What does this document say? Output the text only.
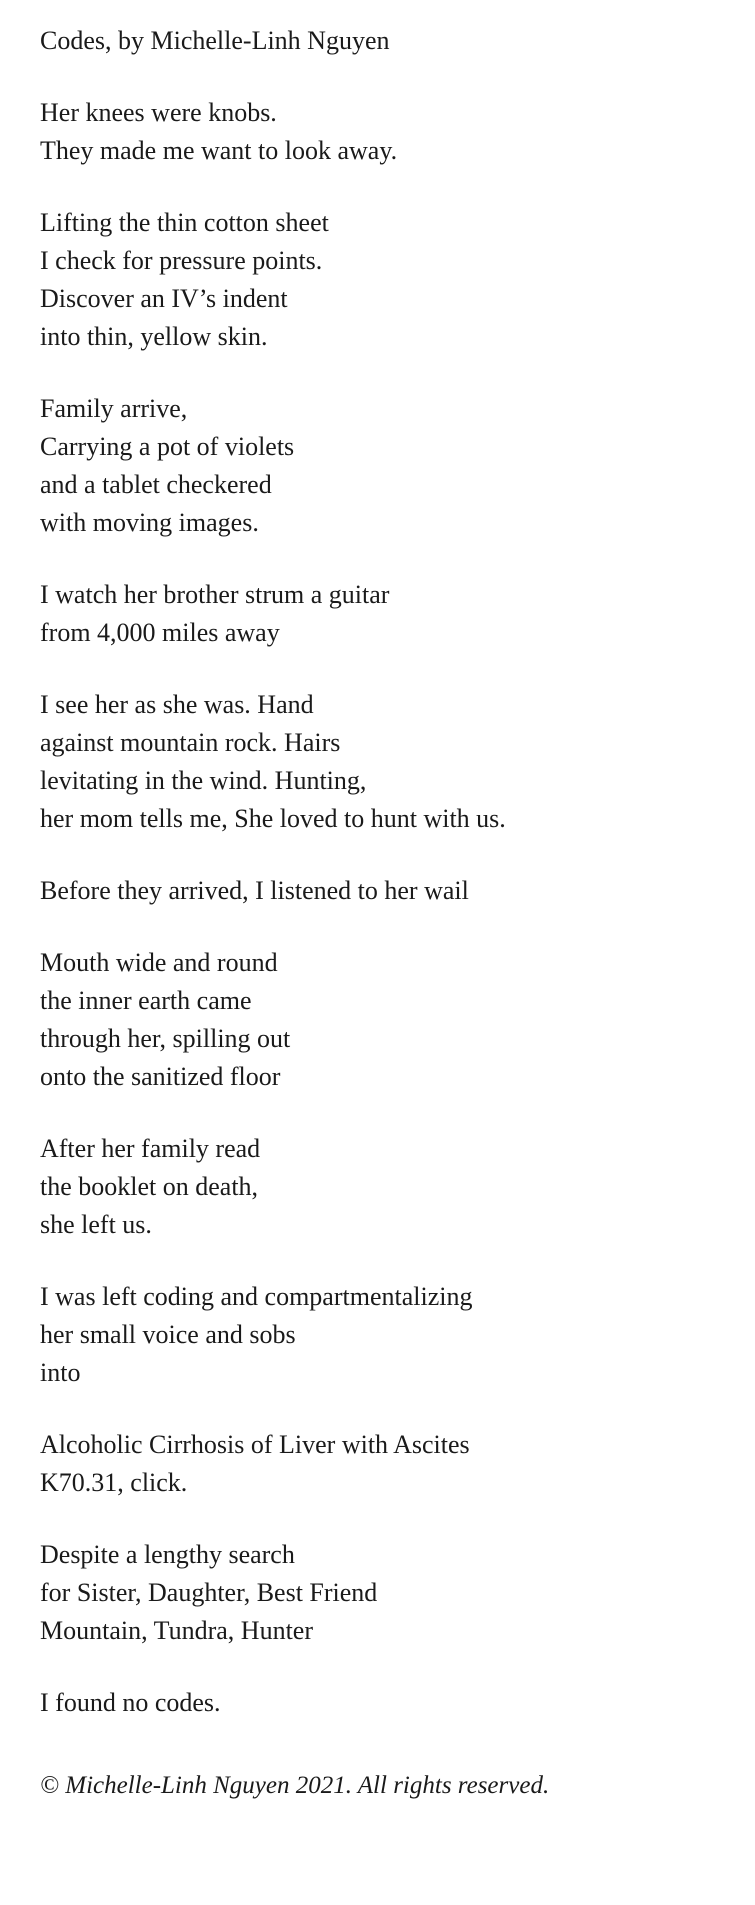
Codes, by Michelle-Linh Nguyen
Her knees were knobs.
They made me want to look away.
Lifting the thin cotton sheet
I check for pressure points.
Discover an IV’s indent
into thin, yellow skin.
Family arrive,
Carrying a pot of violets
and a tablet checkered
with moving images.
I watch her brother strum a guitar
from 4,000 miles away
I see her as she was. Hand
against mountain rock. Hairs
levitating in the wind. Hunting,
her mom tells me, She loved to hunt with us.
Before they arrived, I listened to her wail
Mouth wide and round
the inner earth came
through her, spilling out
onto the sanitized floor
After her family read
the booklet on death,
she left us.
I was left coding and compartmentalizing
her small voice and sobs
into
Alcoholic Cirrhosis of Liver with Ascites
K70.31, click.
Despite a lengthy search
for Sister, Daughter, Best Friend
Mountain, Tundra, Hunter
I found no codes.
© Michelle-Linh Nguyen 2021. All rights reserved.
